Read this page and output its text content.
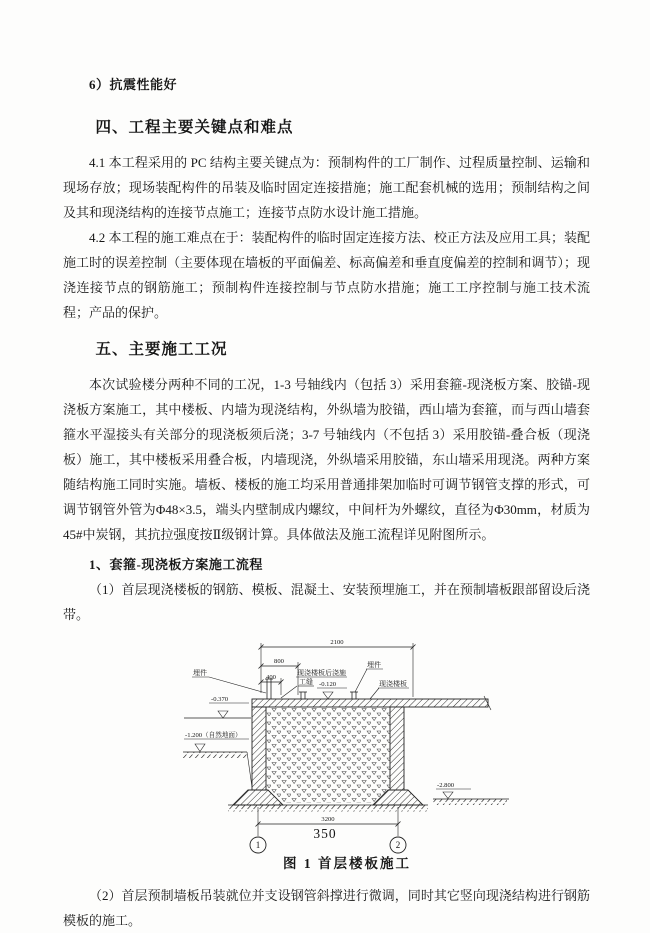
6）抗震性能好
四、工程主要关键点和难点

4.1 本工程采用的 PC 结构主要关键点为：预制构件的工厂制作、过程质量控制、运输和现场存放；现场装配构件的吊装及临时固定连接措施；施工配套机械的选用；预制结构之间及其和现浇结构的连接节点施工；连接节点防水设计施工措施。

4.2 本工程的施工难点在于：装配构件的临时固定连接方法、校正方法及应用工具；装配施工时的误差控制（主要体现在墙板的平面偏差、标高偏差和垂直度偏差的控制和调节）；现浇连接节点的钢筋施工；预制构件连接控制与节点防水措施；施工工序控制与施工技术流程；产品的保护。

五、主要施工工况

本次试验楼分两种不同的工况，1-3 号轴线内（包括 3）采用套箍-现浇板方案、胶锚-现浇板方案施工，其中楼板、内墙为现浇结构，外纵墙为胶锚，西山墙为套箍，而与西山墙套箍水平湿接头有关部分的现浇板须后浇；3-7 号轴线内（不包括 3）采用胶锚-叠合板（现浇板）施工，其中楼板采用叠合板，内墙现浇，外纵墙采用胶锚，东山墙采用现浇。两种方案随结构施工同时实施。墙板、楼板的施工均采用普通排架加临时可调节钢管支撑的形式，可调节钢管外管为Φ48×3.5，端头内壁制成内螺纹，中间杆为外螺纹，直径为Φ30mm，材质为 45#中炭钢，其抗拉强度按Ⅱ级钢计算。具体做法及施工流程详见附图所示。

1、套箍-现浇板方案施工流程

（1）首层现浇楼板的钢筋、模板、混凝土、安装预埋施工，并在预制墙板跟部留设后浇带。

-1.200（自然地面）
-0.370
-0.120
-2.800
2100
800
400
埋件	现浇楼板后浇施
工缝
埋件
现浇楼板
3200
1	2
图 1 首层楼板施工

（2）首层预制墙板吊装就位并支设钢管斜撑进行微调，同时其它竖向现浇结构进行钢筋模板的施工。

350
